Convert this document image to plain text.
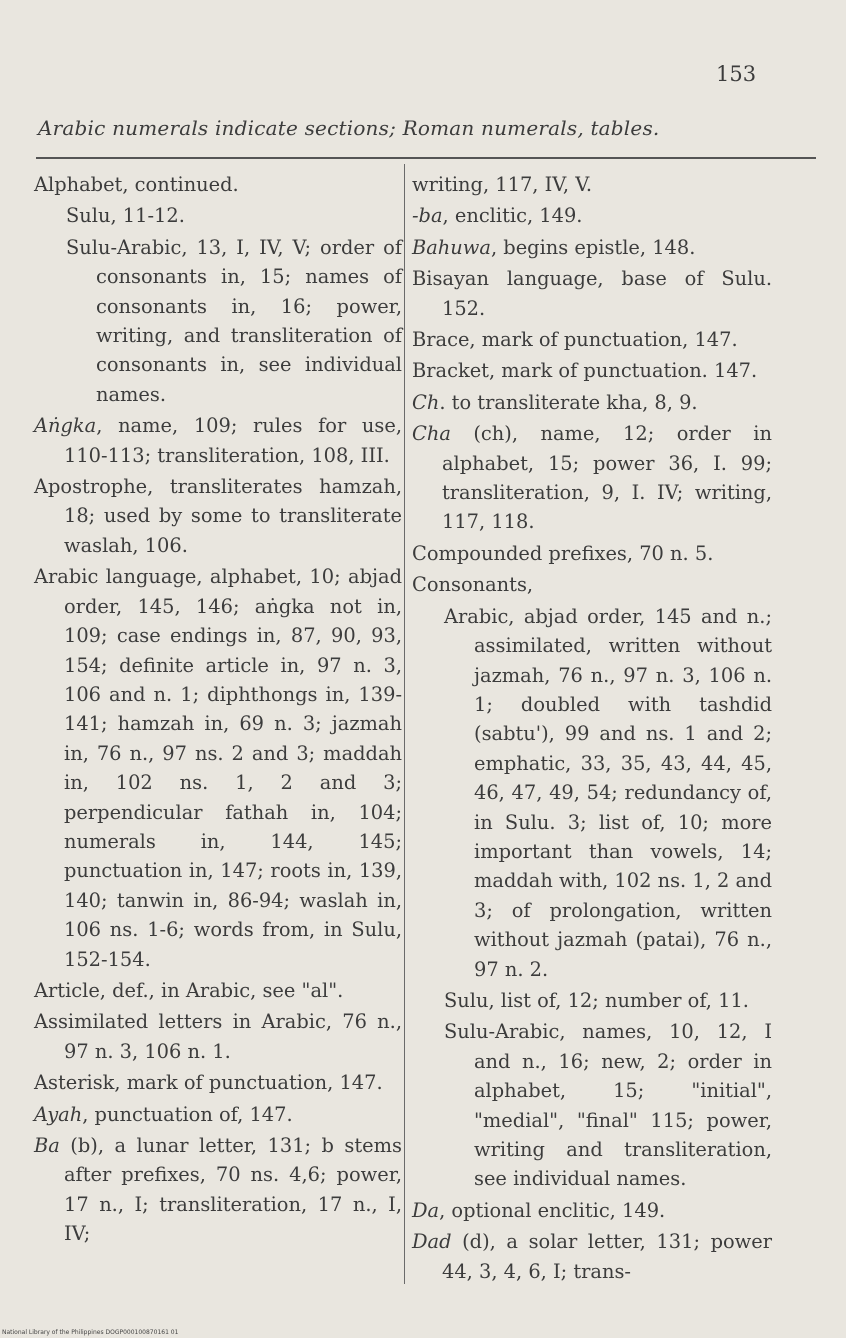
153
Arabic numerals indicate sections; Roman numerals, tables.
Alphabet, continued.
Sulu, 11-12.
Sulu-Arabic, 13, I, IV, V; order of consonants in, 15; names of consonants in, 16; power, writing, and transliteration of consonants in, see individual names.
Aṅgka, name, 109; rules for use, 110-113; transliteration, 108, III.
Apostrophe, transliterates hamzah, 18; used by some to transliterate waslah, 106.
Arabic language, alphabet, 10; abjad order, 145, 146; aṅgka not in, 109; case endings in, 87, 90, 93, 154; definite article in, 97 n. 3, 106 and n. 1; diphthongs in, 139-141; hamzah in, 69 n. 3; jazmah in, 76 n., 97 ns. 2 and 3; maddah in, 102 ns. 1, 2 and 3; perpendicular fathah in, 104; numerals in, 144, 145; punctuation in, 147; roots in, 139, 140; tanwin in, 86-94; waslah in, 106 ns. 1-6; words from, in Sulu, 152-154.
Article, def., in Arabic, see "al".
Assimilated letters in Arabic, 76 n., 97 n. 3, 106 n. 1.
Asterisk, mark of punctuation, 147.
Ayah, punctuation of, 147.
Ba (b), a lunar letter, 131; b stems after prefixes, 70 ns. 4,6; power, 17 n., I; transliteration, 17 n., I, IV;
writing, 117, IV, V.
-ba, enclitic, 149.
Bahuwa, begins epistle, 148.
Bisayan language, base of Sulu. 152.
Brace, mark of punctuation, 147.
Bracket, mark of punctuation. 147.
Ch. to transliterate kha, 8, 9.
Cha (ch), name, 12; order in alphabet, 15; power 36, I. 99; transliteration, 9, I. IV; writing, 117, 118.
Compounded prefixes, 70 n. 5.
Consonants,
Arabic, abjad order, 145 and n.; assimilated, written without jazmah, 76 n., 97 n. 3, 106 n. 1; doubled with tashdid (sabtu'), 99 and ns. 1 and 2; emphatic, 33, 35, 43, 44, 45, 46, 47, 49, 54; redundancy of, in Sulu. 3; list of, 10; more important than vowels, 14; maddah with, 102 ns. 1, 2 and 3; of prolongation, written without jazmah (patai), 76 n., 97 n. 2.
Sulu, list of, 12; number of, 11.
Sulu-Arabic, names, 10, 12, I and n., 16; new, 2; order in alphabet, 15; "initial", "medial", "final" 115; power, writing and transliteration, see individual names.
Da, optional enclitic, 149.
Dad (d), a solar letter, 131; power 44, 3, 4, 6, I; trans-
National Library of the Philippines DOGP000100870161 01
